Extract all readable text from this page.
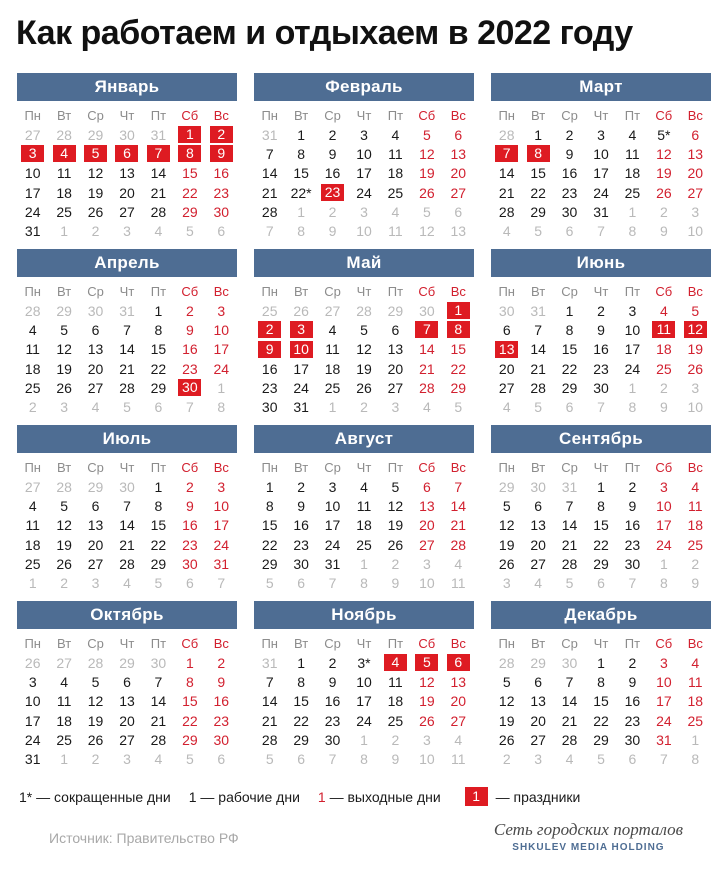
Как работаем и отдыхаем в 2022 году
Январь
Пн	Вт	Ср	Чт	Пт	Сб	Вс
27 28 29 30 31	1	2
3	4	5	6	7	8	9
10 11 12 13 14 15 16
17 18 19 20 21 22 23
24 25 26 27 28 29 30
31 1 2 3 4 5 6
Февраль
Пн	Вт	Ср	Чт	Пт	Сб	Вс
31 1 2 3 4 5 6
7 8 9 10 11 12 13
14 15 16 17 18 19 20
21 22* 23 24 25 26 27
28 1 2 3 4 5 6
7 8 9 10 11 12 13
Март
Пн	Вт	Ср	Чт	Пт	Сб	Вс
28 1 2 3 4 5* 6
7	8	9 10 11 12 13
14 15 16 17 18 19 20
21 22 23 24 25 26 27
28 29 30 31 1 2 3
4 5 6 7 8 9 10
Апрель
Пн	Вт	Ср	Чт	Пт	Сб	Вс
28 29 30 31 1 2 3
4 5 6 7 8 9 10
11 12 13 14 15 16 17
18 19 20 21 22 23 24
25 26 27 28 29 30 1
2 3 4 5 6 7 8
Май
Пн	Вт	Ср	Чт	Пт	Сб	Вс
25 26 27 28 29 30	1
2	3	4 5 6	7	8
9	10 11 12 13 14 15
16 17 18 19 20 21 22
23 24 25 26 27 28 29
30 31 1 2 3 4 5
Июнь
Пн	Вт	Ср	Чт	Пт	Сб	Вс
30 31 1 2 3 4 5
6 7 8 9 10	11	12
13 14 15 16 17 18 19
20 21 22 23 24 25 26
27 28 29 30 1 2 3
4 5 6 7 8 9 10
Июль
Пн	Вт	Ср	Чт	Пт	Сб	Вс
27 28 29 30 1 2 3
4 5 6 7 8 9 10
11 12 13 14 15 16 17
18 19 20 21 22 23 24
25 26 27 28 29 30 31
1 2 3 4 5 6 7
Август
Пн	Вт	Ср	Чт	Пт	Сб	Вс
1 2 3 4 5 6 7
8 9 10 11 12 13 14
15 16 17 18 19 20 21
22 23 24 25 26 27 28
29 30 31 1 2 3 4
5 6 7 8 9 10 11
Сентябрь
Пн	Вт	Ср	Чт	Пт	Сб	Вс
29 30 31 1 2 3 4
5 6 7 8 9 10 11
12 13 14 15 16 17 18
19 20 21 22 23 24 25
26 27 28 29 30 1 2
3 4 5 6 7 8 9
Октябрь
Пн	Вт	Ср	Чт	Пт	Сб	Вс
26 27 28 29 30 1 2
3 4 5 6 7 8 9
10 11 12 13 14 15 16
17 18 19 20 21 22 23
24 25 26 27 28 29 30
31 1 2 3 4 5 6
Ноябрь
Пн	Вт	Ср	Чт	Пт	Сб	Вс
31 1 2 3*	4	5	6
7 8 9 10 11 12 13
14 15 16 17 18 19 20
21 22 23 24 25 26 27
28 29 30 1 2 3 4
5 6 7 8 9 10 11
Декабрь
Пн	Вт	Ср	Чт	Пт	Сб	Вс
28 29 30 1 2 3 4
5 6 7 8 9 10 11
12 13 14 15 16 17 18
19 20 21 22 23 24 25
26 27 28 29 30 31 1
2 3 4 5 6 7 8
1*
— сокращенные дни 1
— рабочие дни 1
— выходные дни	1	— праздники
Источник: Правительство РФ	Сеть городских порталов
SHKULEV MEDIA HOLDING
